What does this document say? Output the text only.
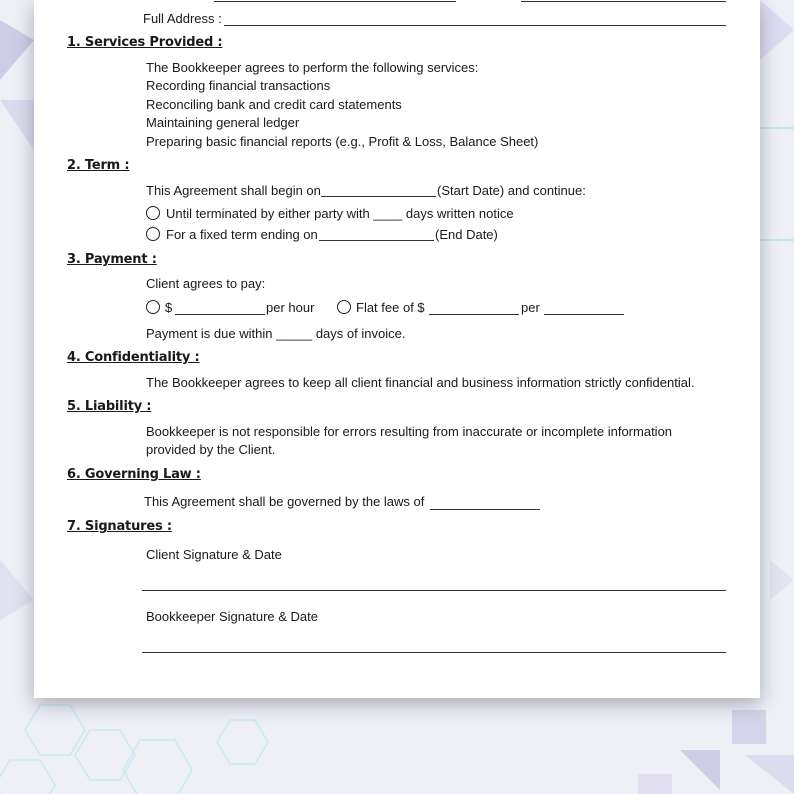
Full Address :
1. Services Provided :
The Bookkeeper agrees to perform the following services:
Recording financial transactions
Reconciling bank and credit card statements
Maintaining general ledger
Preparing basic financial reports (e.g., Profit & Loss, Balance Sheet)
2. Term :
This Agreement shall begin on	(Start Date) and continue:
Until terminated by either party with ____ days written notice
For a fixed term ending on	(End Date)
3. Payment :
Client agrees to pay:
$	per hour	Flat fee of $	per
Payment is due within _____ days of invoice.
4. Confidentiality :
The Bookkeeper agrees to keep all client financial and business information strictly confidential.
5. Liability :
Bookkeeper is not responsible for errors resulting from inaccurate or incomplete information
provided by the Client.
6. Governing Law :
This Agreement shall be governed by the laws of
7. Signatures :
Client Signature & Date
Bookkeeper Signature & Date
